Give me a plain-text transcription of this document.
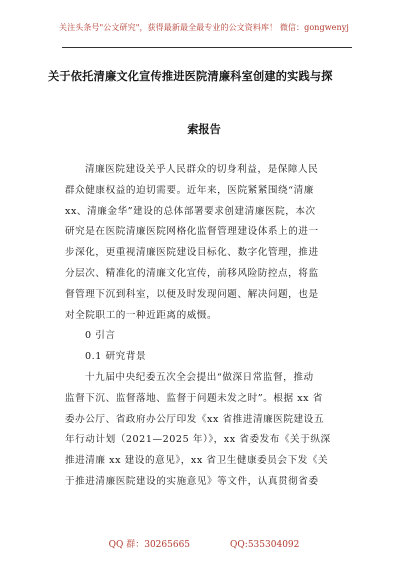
关注头条号"公文研究"，获得最新最全最专业的公文资料库！ 微信：gongwenyj
关于依托清廉文化宣传推进医院清廉科室创建的实践与探
索报告
清廉医院建设关乎人民群众的切身利益，是保障人民
群众健康权益的迫切需要。近年来，医院紧紧围绕“清廉
xx、清廉金华”建设的总体部署要求创建清廉医院，本次
研究是在医院清廉医院网格化监督管理建设体系上的进一
步深化，更重视清廉医院建设目标化、数字化管理，推进
分层次、精准化的清廉文化宣传，前移风险防控点，将监
督管理下沉到科室，以便及时发现问题、解决问题，也是
对全院职工的一种近距离的威慑。
0 引言
0.1 研究背景
十九届中央纪委五次全会提出“做深日常监督，推动
监督下沉、监督落地、监督于问题未发之时”。根据 xx 省
委办公厅、省政府办公厅印发《xx 省推进清廉医院建设五
年行动计划（2021—2025 年）》，xx 省委发布《关于纵深
推进清廉 xx 建设的意见》，xx 省卫生健康委员会下发《关
于推进清廉医院建设的实施意见》等文件，认真贯彻省委
QQ 群：30265665	QQ:535304092
